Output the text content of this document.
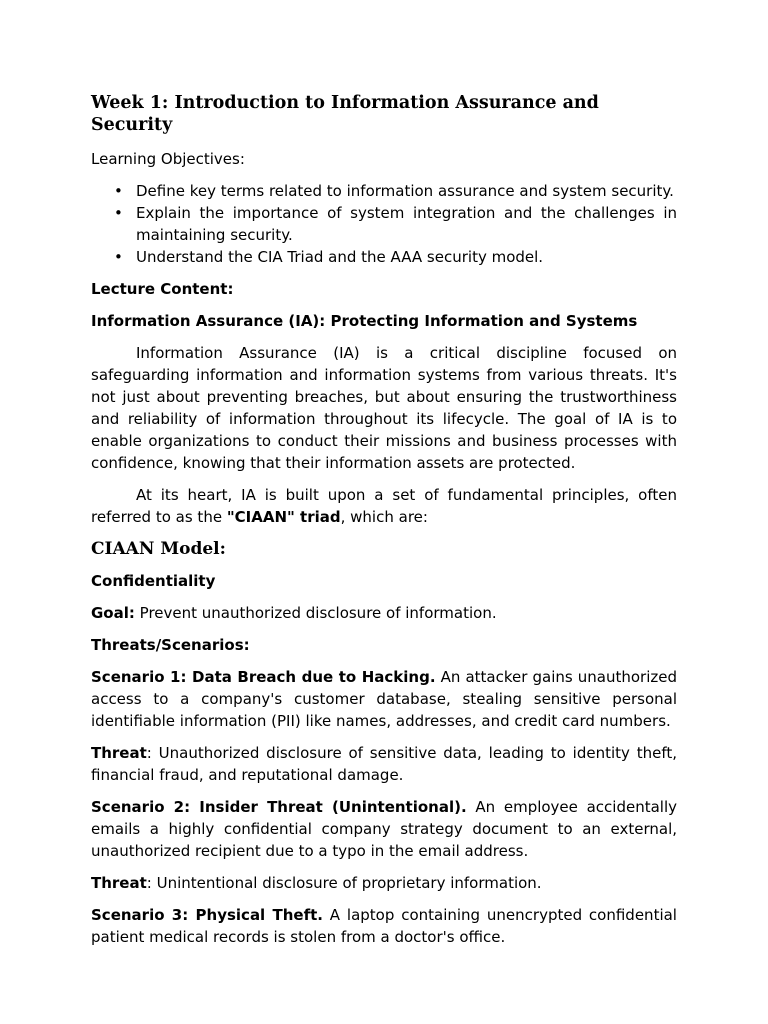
Week 1: Introduction to Information Assurance and Security

Learning Objectives:

• Define key terms related to information assurance and system security.
• Explain the importance of system integration and the challenges in maintaining security.
• Understand the CIA Triad and the AAA security model.

Lecture Content:

Information Assurance (IA): Protecting Information and Systems

Information Assurance (IA) is a critical discipline focused on safeguarding information and information systems from various threats. It's not just about preventing breaches, but about ensuring the trustworthiness and reliability of information throughout its lifecycle. The goal of IA is to enable organizations to conduct their missions and business processes with confidence, knowing that their information assets are protected.

At its heart, IA is built upon a set of fundamental principles, often referred to as the "CIAAN" triad, which are:

CIAAN Model:

Confidentiality

Goal: Prevent unauthorized disclosure of information.

Threats/Scenarios:

Scenario 1: Data Breach due to Hacking. An attacker gains unauthorized access to a company's customer database, stealing sensitive personal identifiable information (PII) like names, addresses, and credit card numbers.

Threat: Unauthorized disclosure of sensitive data, leading to identity theft, financial fraud, and reputational damage.

Scenario 2: Insider Threat (Unintentional). An employee accidentally emails a highly confidential company strategy document to an external, unauthorized recipient due to a typo in the email address.

Threat: Unintentional disclosure of proprietary information.

Scenario 3: Physical Theft. A laptop containing unencrypted confidential patient medical records is stolen from a doctor's office.
